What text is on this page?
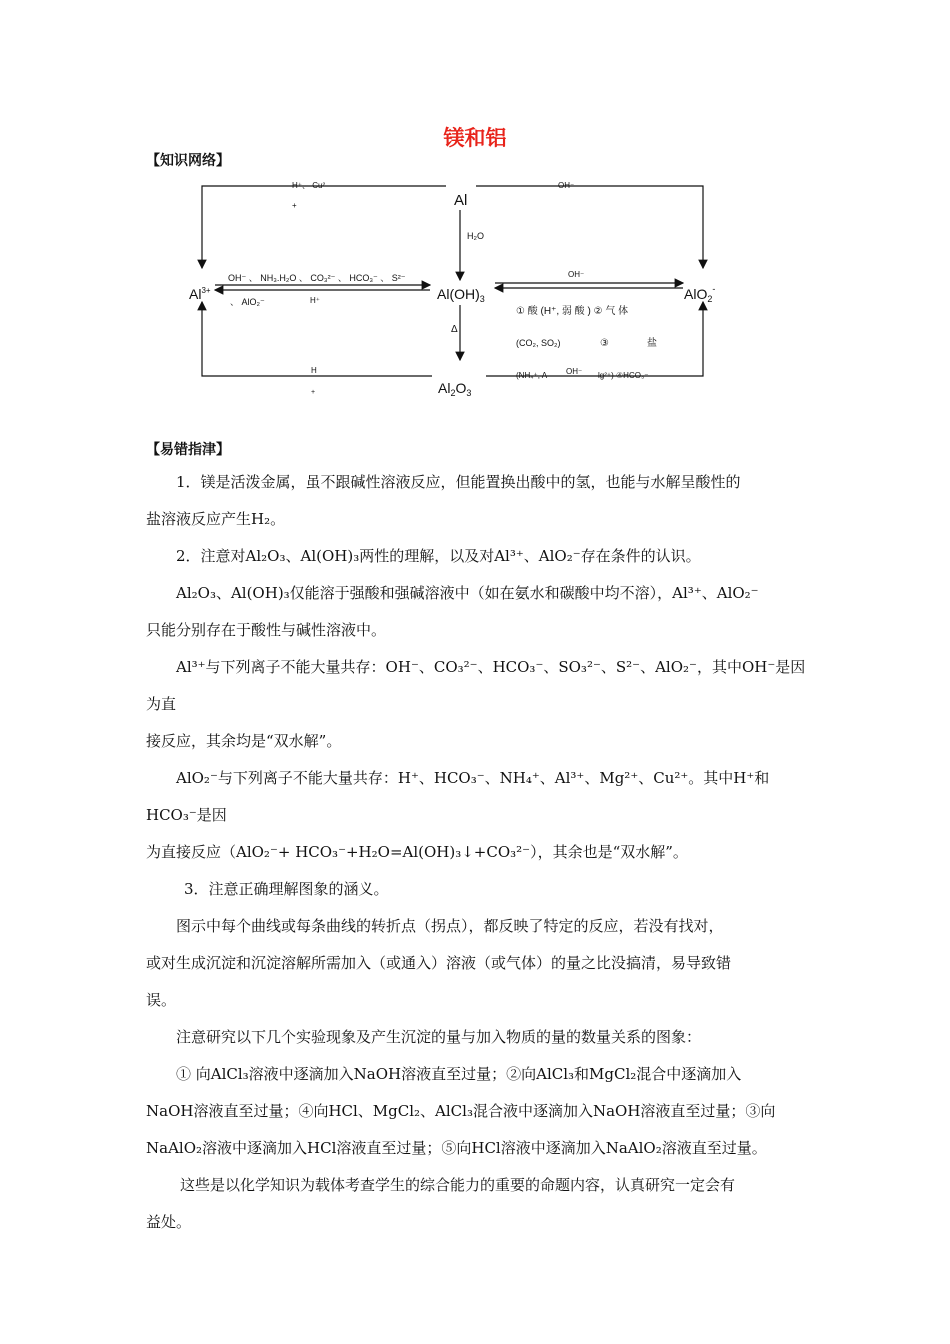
镁和铝
【知识网络】
Al
$Al^{3+}$	$Al(OH)_3$	AlO$_2$-
$Al_2O_3$
H⁺、 Cu²
+
OH⁻
H₂O
OH⁻ 、 NH₃.H₂O 、 CO₃²⁻ 、 HCO₃⁻ 、 S²⁻
、 AlO₂⁻	H⁺
OH⁻
Δ
① 酸 (H⁺, 弱 酸 ) ② 气 体
(CO₂, SO₂)	③	盐
(NH₄⁺, A OH⁻ lg²⁺) ④HCO₃⁻
H
+
【易错指津】

1．镁是活泼金属，虽不跟碱性溶液反应，但能置换出酸中的氢，也能与水解呈酸性的

盐溶液反应产生H₂。

2．注意对Al₂O₃、Al(OH)₃两性的理解，以及对Al³⁺、AlO₂⁻存在条件的认识。

Al₂O₃、Al(OH)₃仅能溶于强酸和强碱溶液中（如在氨水和碳酸中均不溶），Al³⁺、AlO₂⁻

只能分别存在于酸性与碱性溶液中。

Al³⁺与下列离子不能大量共存：OH⁻、CO₃²⁻、HCO₃⁻、SO₃²⁻、S²⁻、AlO₂⁻，其中OH⁻是因为直

接反应，其余均是“双水解”。

AlO₂⁻与下列离子不能大量共存：H⁺、HCO₃⁻、NH₄⁺、Al³⁺、Mg²⁺、Cu²⁺。其中H⁺和HCO₃⁻是因

为直接反应（AlO₂⁻+ HCO₃⁻+H₂O=Al(OH)₃↓+CO₃²⁻），其余也是“双水解”。

3．注意正确理解图象的涵义。

图示中每个曲线或每条曲线的转折点（拐点），都反映了特定的反应，若没有找对，

或对生成沉淀和沉淀溶解所需加入（或通入）溶液（或气体）的量之比没搞清，易导致错

误。

注意研究以下几个实验现象及产生沉淀的量与加入物质的量的数量关系的图象：

① 向AlCl₃溶液中逐滴加入NaOH溶液直至过量；②向AlCl₃和MgCl₂混合中逐滴加入

NaOH溶液直至过量；④向HCl、MgCl₂、AlCl₃混合液中逐滴加入NaOH溶液直至过量；③向

NaAlO₂溶液中逐滴加入HCl溶液直至过量；⑤向HCl溶液中逐滴加入NaAlO₂溶液直至过量。

这些是以化学知识为载体考查学生的综合能力的重要的命题内容，认真研究一定会有

益处。
